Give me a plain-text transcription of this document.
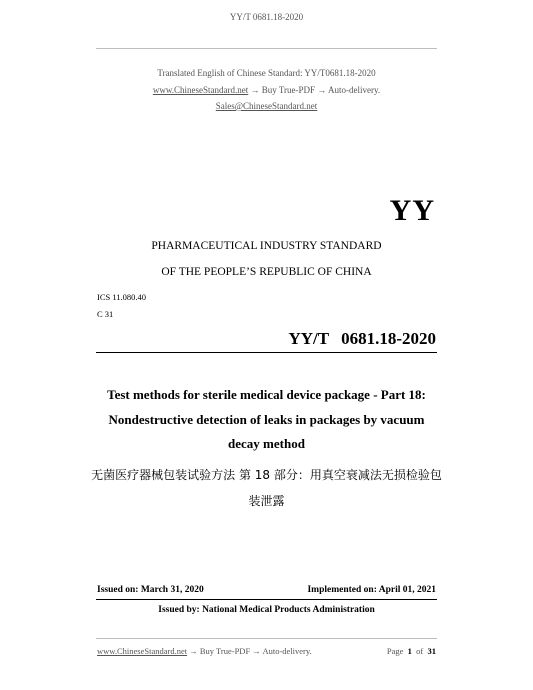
YY/T 0681.18-2020
Translated English of Chinese Standard: YY/T0681.18-2020
www.ChineseStandard.net → Buy True-PDF → Auto-delivery.
Sales@ChineseStandard.net
YY
PHARMACEUTICAL INDUSTRY STANDARD
OF THE PEOPLE’S REPUBLIC OF CHINA
ICS 11.080.40
C 31
YY/T 0681.18-2020
Test methods for sterile medical device package - Part 18:
Nondestructive detection of leaks in packages by vacuum
decay method
无菌医疗器械包装试验方法 第 18 部分：用真空衰减法无损检验包
装泄露
Issued on: March 31, 2020	Implemented on: April 01, 2021
Issued by: National Medical Products Administration
www.ChineseStandard.net → Buy True-PDF → Auto-delivery.	Page 1 of 31
